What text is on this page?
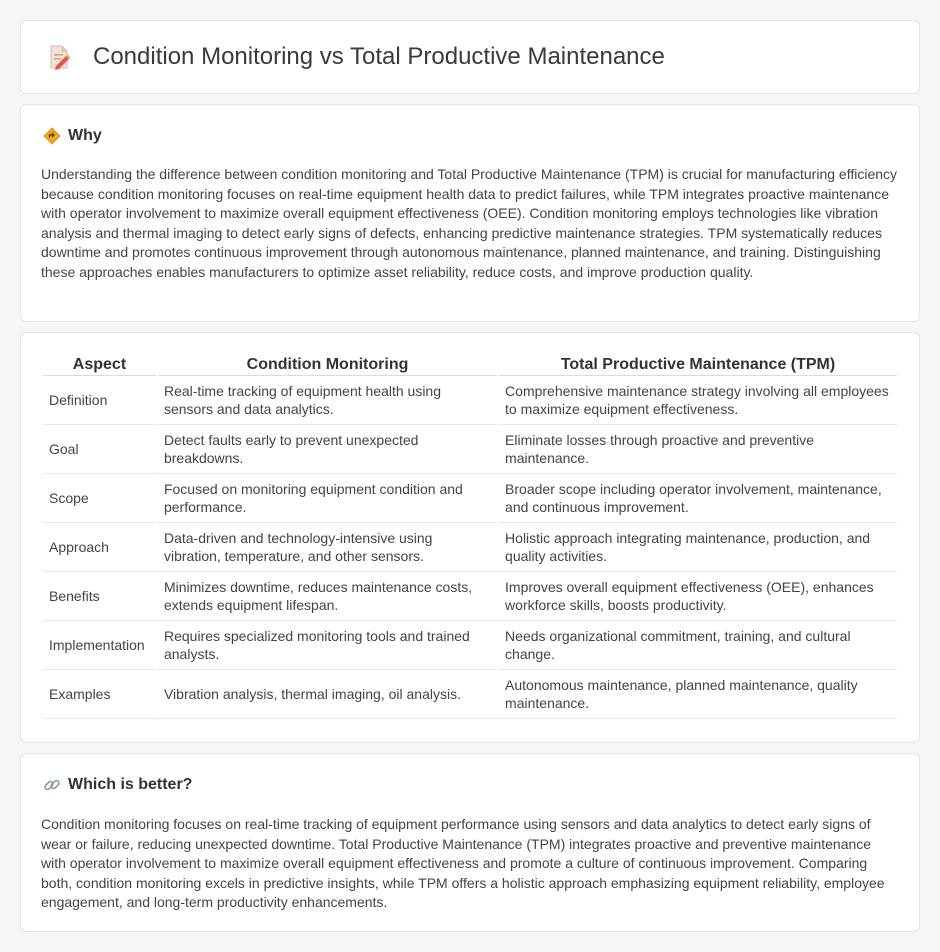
Condition Monitoring vs Total Productive Maintenance
Why

Understanding the difference between condition monitoring and Total Productive Maintenance (TPM) is crucial for manufacturing efficiency because condition monitoring focuses on real-time equipment health data to predict failures, while TPM integrates proactive maintenance with operator involvement to maximize overall equipment effectiveness (OEE). Condition monitoring employs technologies like vibration analysis and thermal imaging to detect early signs of defects, enhancing predictive maintenance strategies. TPM systematically reduces downtime and promotes continuous improvement through autonomous maintenance, planned maintenance, and training. Distinguishing these approaches enables manufacturers to optimize asset reliability, reduce costs, and improve production quality.

Aspect	Condition Monitoring	Total Productive Maintenance (TPM)
Definition	Real-time tracking of equipment health using sensors and data analytics.	Comprehensive maintenance strategy involving all employees to maximize equipment effectiveness.
Goal	Detect faults early to prevent unexpected breakdowns.	Eliminate losses through proactive and preventive maintenance.
Scope	Focused on monitoring equipment condition and performance.	Broader scope including operator involvement, maintenance, and continuous improvement.
Approach	Data-driven and technology-intensive using vibration, temperature, and other sensors.	Holistic approach integrating maintenance, production, and quality activities.
Benefits	Minimizes downtime, reduces maintenance costs, extends equipment lifespan.	Improves overall equipment effectiveness (OEE), enhances workforce skills, boosts productivity.
Implementation	Requires specialized monitoring tools and trained analysts.	Needs organizational commitment, training, and cultural change.
Examples	Vibration analysis, thermal imaging, oil analysis.	Autonomous maintenance, planned maintenance, quality maintenance.
Which is better?

Condition monitoring focuses on real-time tracking of equipment performance using sensors and data analytics to detect early signs of wear or failure, reducing unexpected downtime. Total Productive Maintenance (TPM) integrates proactive and preventive maintenance with operator involvement to maximize overall equipment effectiveness and promote a culture of continuous improvement. Comparing both, condition monitoring excels in predictive insights, while TPM offers a holistic approach emphasizing equipment reliability, employee engagement, and long-term productivity enhancements.
